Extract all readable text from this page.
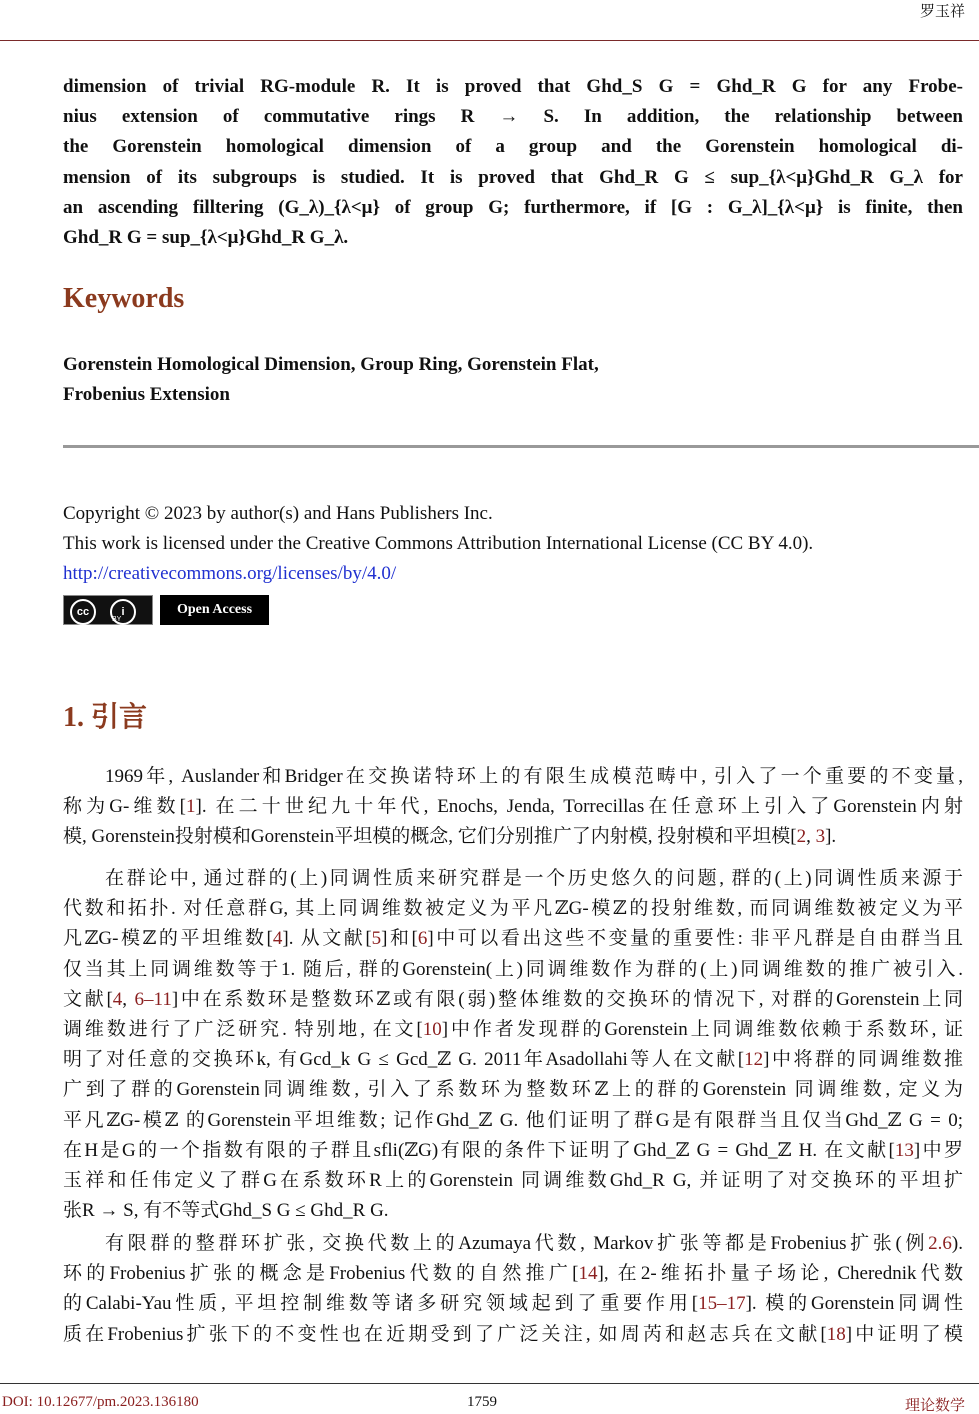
罗玉祥
dimension of trivial RG-module R. It is proved that Ghd_S G = Ghd_R G for any Frobe-
nius extension of commutative rings R → S. In addition, the relationship between
the Gorenstein homological dimension of a group and the Gorenstein homological di-
mension of its subgroups is studied. It is proved that Ghd_R G ≤ sup_{λ<μ}Ghd_R G_λ for
an ascending filltering (G_λ)_{λ<μ} of group G; furthermore, if [G : G_λ]_{λ<μ} is finite, then
Ghd_R G = sup_{λ<μ}Ghd_R G_λ.
Keywords
Gorenstein Homological Dimension, Group Ring, Gorenstein Flat,
Frobenius Extension
Copyright © 2023 by author(s) and Hans Publishers Inc.
This work is licensed under the Creative Commons Attribution International License (CC BY 4.0).
http://creativecommons.org/licenses/by/4.0/
cc	i
BY
Open Access
1. 引言
1969年, Auslander和Bridger在交换诺特环上的有限生成模范畴中, 引入了一个重要的不变量,
称为G-维数[1]. 在二十世纪九十年代, Enochs, Jenda, Torrecillas在任意环上引入了Gorenstein内射
模, Gorenstein投射模和Gorenstein平坦模的概念, 它们分别推广了内射模, 投射模和平坦模[2, 3].
在群论中, 通过群的(上)同调性质来研究群是一个历史悠久的问题, 群的(上)同调性质来源于
代数和拓扑. 对任意群G, 其上同调维数被定义为平凡ℤG-模ℤ的投射维数, 而同调维数被定义为平
凡ℤG-模ℤ的平坦维数[4]. 从文献[5]和[6]中可以看出这些不变量的重要性: 非平凡群是自由群当且
仅当其上同调维数等于1. 随后, 群的Gorenstein(上)同调维数作为群的(上)同调维数的推广被引入.
文献[4, 6–11]中在系数环是整数环ℤ或有限(弱)整体维数的交换环的情况下, 对群的Gorenstein上同
调维数进行了广泛研究. 特别地, 在文[10]中作者发现群的Gorenstein上同调维数依赖于系数环, 证
明了对任意的交换环k, 有Gcd_k G ≤ Gcd_ℤ G. 2011年Asadollahi等人在文献[12]中将群的同调维数推
广到了群的Gorenstein同调维数, 引入了系数环为整数环ℤ上的群的Gorenstein 同调维数, 定义为
平凡ℤG-模ℤ 的Gorenstein平坦维数; 记作Ghd_ℤ G. 他们证明了群G是有限群当且仅当Ghd_ℤ G = 0;
在H是G的一个指数有限的子群且sfli(ℤG)有限的条件下证明了Ghd_ℤ G = Ghd_ℤ H. 在文献[13]中罗
玉祥和任伟定义了群G在系数环R上的Gorenstein 同调维数Ghd_R G, 并证明了对交换环的平坦扩
张R → S, 有不等式Ghd_S G ≤ Ghd_R G.
有限群的整群环扩张, 交换代数上的Azumaya代数, Markov扩张等都是Frobenius扩张(例2.6).
环的Frobenius扩张的概念是Frobenius代数的自然推广[14], 在2-维拓扑量子场论, Cherednik代数
的Calabi-Yau性质, 平坦控制维数等诸多研究领域起到了重要作用[15–17]. 模的Gorenstein同调性
质在Frobenius扩张下的不变性也在近期受到了广泛关注, 如周芮和赵志兵在文献[18]中证明了模
DOI: 10.12677/pm.2023.136180	1759	理论数学
